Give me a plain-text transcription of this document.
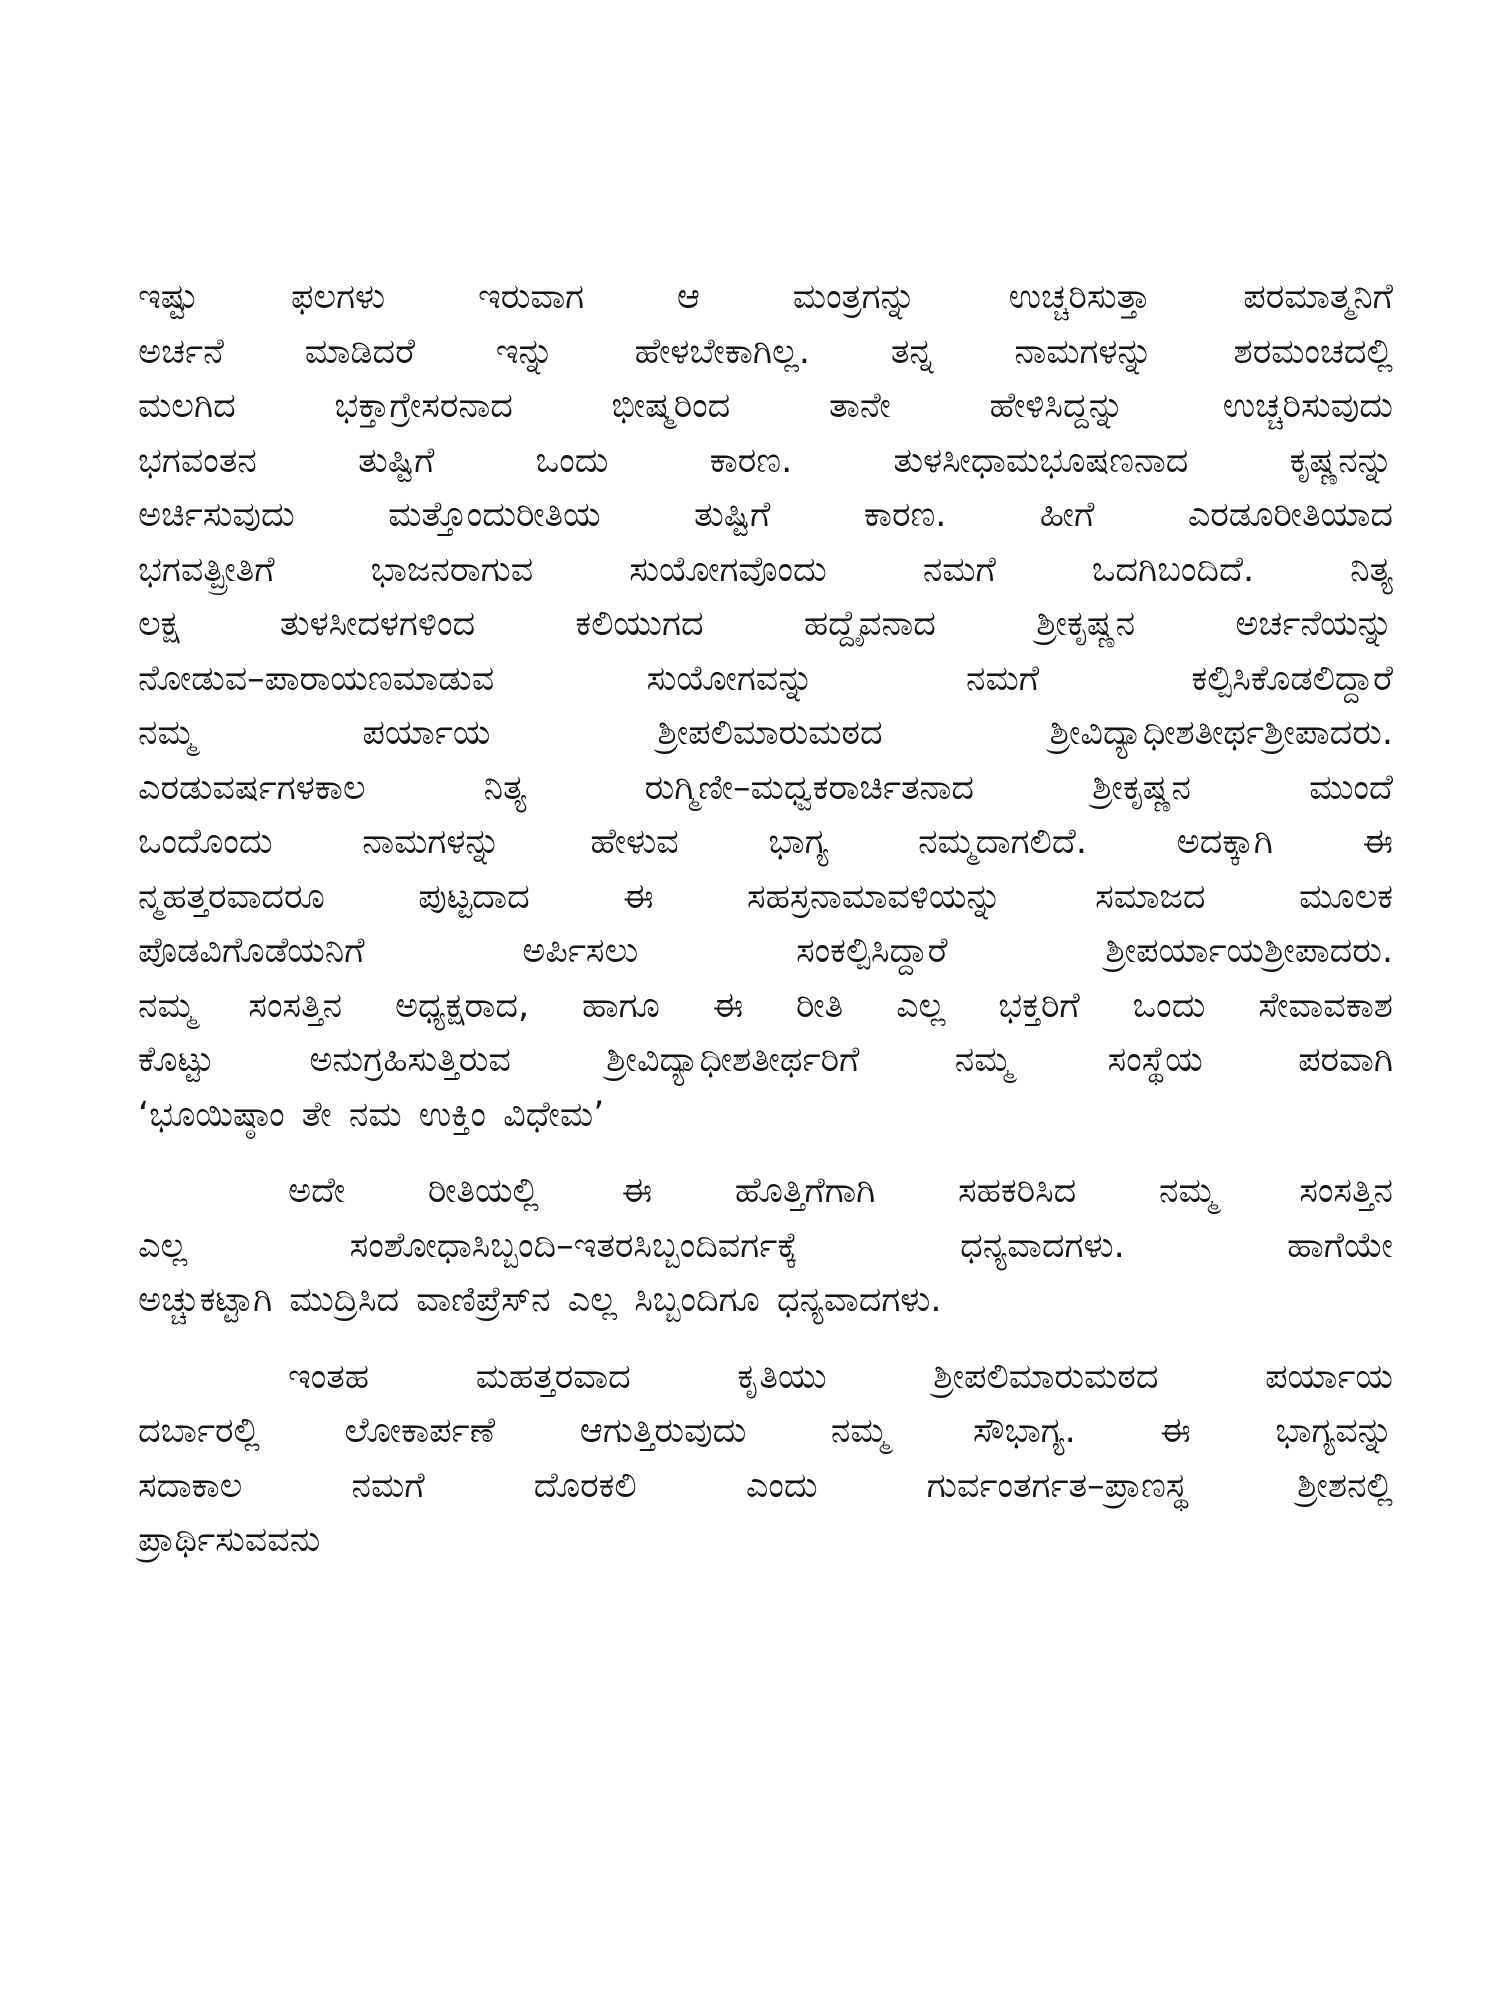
ಇಷ್ಟು ಫಲಗಳು ಇರುವಾಗ ಆ ಮಂತ್ರಗನ್ನು ಉಚ್ಚರಿಸುತ್ತಾ ಪರಮಾತ್ಮನಿಗೆ
ಅರ್ಚನೆ ಮಾಡಿದರೆ ಇನ್ನು ಹೇಳಬೇಕಾಗಿಲ್ಲ. ತನ್ನ ನಾಮಗಳನ್ನು ಶರಮಂಚದಲ್ಲಿ
ಮಲಗಿದ ಭಕ್ತಾಗ್ರೇಸರನಾದ ಭೀಷ್ಮರಿಂದ ತಾನೇ ಹೇಳಿಸಿದ್ದನ್ನು ಉಚ್ಚರಿಸುವುದು
ಭಗವಂತನ ತುಷ್ಟಿಗೆ ಒಂದು ಕಾರಣ. ತುಳಸೀಧಾಮಭೂಷಣನಾದ ಕೃಷ್ಣನನ್ನು
ಅರ್ಚಿಸುವುದು ಮತ್ತೊಂದುರೀತಿಯ ತುಷ್ಟಿಗೆ ಕಾರಣ. ಹೀಗೆ ಎರಡೂರೀತಿಯಾದ
ಭಗವತ್ಪ್ರೀತಿಗೆ ಭಾಜನರಾಗುವ ಸುಯೋಗವೊಂದು ನಮಗೆ ಒದಗಿಬಂದಿದೆ. ನಿತ್ಯ
ಲಕ್ಷ ತುಳಸೀದಳಗಳಿಂದ ಕಲಿಯುಗದ ಹದ್ದೈವನಾದ ಶ್ರೀಕೃಷ್ಣನ ಅರ್ಚನೆಯನ್ನು
ನೋಡುವ–ಪಾರಾಯಣಮಾಡುವ ಸುಯೋಗವನ್ನು ನಮಗೆ ಕಲ್ಪಿಸಿಕೊಡಲಿದ್ದಾರೆ
ನಮ್ಮ ಪರ್ಯಾಯ ಶ್ರೀಪಲಿಮಾರುಮಠದ ಶ್ರೀವಿದ್ಯಾಧೀಶತೀರ್ಥಶ್ರೀಪಾದರು.
ಎರಡುವರ್ಷಗಳಕಾಲ ನಿತ್ಯ ರುಗ್ಮಿಣೀ–ಮಧ್ವಕರಾರ್ಚಿತನಾದ ಶ್ರೀಕೃಷ್ಣನ ಮುಂದೆ
ಒಂದೊಂದು ನಾಮಗಳನ್ನು ಹೇಳುವ ಭಾಗ್ಯ ನಮ್ಮದಾಗಲಿದೆ. ಅದಕ್ಕಾಗಿ ಈ
ನ್ಮಹತ್ತರವಾದರೂ ಪುಟ್ಟದಾದ ಈ ಸಹಸ್ರನಾಮಾವಳಿಯನ್ನು ಸಮಾಜದ ಮೂಲಕ
ಪೊಡವಿಗೊಡೆಯನಿಗೆ ಅರ್ಪಿಸಲು ಸಂಕಲ್ಪಿಸಿದ್ದಾರೆ ಶ್ರೀಪರ್ಯಾಯಶ್ರೀಪಾದರು.
ನಮ್ಮ ಸಂಸತ್ತಿನ ಅಧ್ಯಕ್ಷರಾದ, ಹಾಗೂ ಈ ರೀತಿ ಎಲ್ಲ ಭಕ್ತರಿಗೆ ಒಂದು ಸೇವಾವಕಾಶ
ಕೊಟ್ಟು ಅನುಗ್ರಹಿಸುತ್ತಿರುವ ಶ್ರೀವಿದ್ಯಾಧೀಶತೀರ್ಥರಿಗೆ ನಮ್ಮ ಸಂಸ್ಥೆಯ ಪರವಾಗಿ

‘ಭೂಯಿಷ್ಠಾಂ ತೇ ನಮ ಉಕ್ತಿಂ ವಿಧೇಮ’

ಅದೇ ರೀತಿಯಲ್ಲಿ ಈ ಹೊತ್ತಿಗೆಗಾಗಿ ಸಹಕರಿಸಿದ ನಮ್ಮ ಸಂಸತ್ತಿನ
ಎಲ್ಲ ಸಂಶೋಧಾಸಿಬ್ಬಂದಿ–ಇತರಸಿಬ್ಬಂದಿವರ್ಗಕ್ಕೆ ಧನ್ಯವಾದಗಳು. ಹಾಗೆಯೇ

ಅಚ್ಚುಕಟ್ಟಾಗಿ ಮುದ್ರಿಸಿದ ವಾಣಿಪ್ರೆಸ್‌ನ ಎಲ್ಲ ಸಿಬ್ಬಂದಿಗೂ ಧನ್ಯವಾದಗಳು.

ಇಂತಹ ಮಹತ್ತರವಾದ ಕೃತಿಯು ಶ್ರೀಪಲಿಮಾರುಮಠದ ಪರ್ಯಾಯ
ದರ್ಬಾರಲ್ಲಿ ಲೋಕಾರ್ಪಣೆ ಆಗುತ್ತಿರುವುದು ನಮ್ಮ ಸೌಭಾಗ್ಯ. ಈ ಭಾಗ್ಯವನ್ನು
ಸದಾಕಾಲ ನಮಗೆ ದೊರಕಲಿ ಎಂದು ಗುರ್ವಂತರ್ಗತ–ಪ್ರಾಣಸ್ಥ ಶ್ರೀಶನಲ್ಲಿ

ಪ್ರಾರ್ಥಿಸುವವನು
